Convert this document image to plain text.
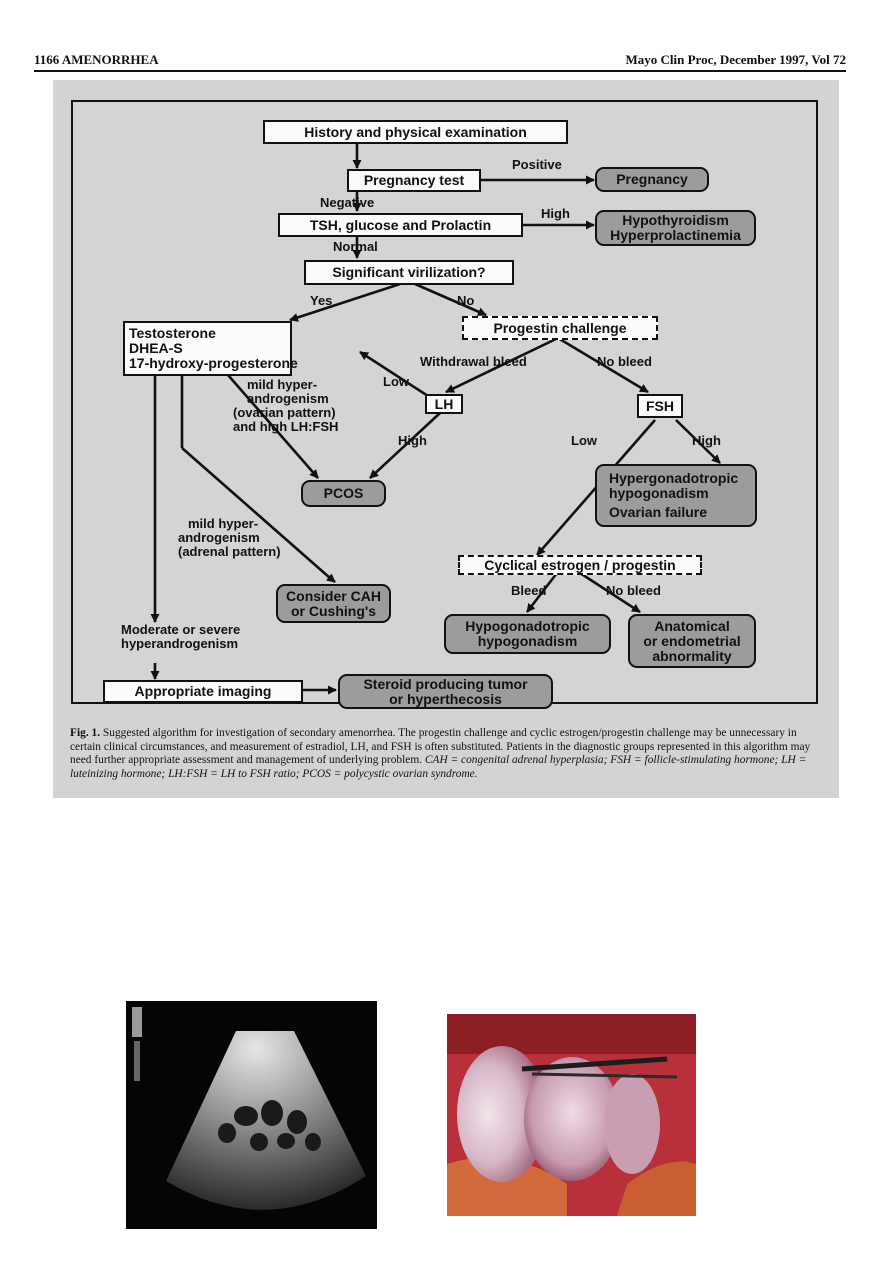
1166 AMENORRHEA	Mayo Clin Proc, December 1997, Vol 72
History and physical examination
Positive
Pregnancy test	Pregnancy
Negative
TSH, glucose and Prolactin
High	Hypothyroidism
Hyperprolactinemia
Normal
Significant virilization?
Yes	No
Testosterone
DHEA-S
17-hydroxy-progesterone
Progestin challenge
Withdrawal bleed	No bleed
Low
LH	FSH
mild hyper-
androgenism
(ovarian pattern)
and high LH:FSH
High	Low	High
Hypergonadotropic
hypogonadism
Ovarian failure
PCOS
mild hyper-
androgenism
(adrenal pattern)
Cyclical estrogen / progestin
Bleed	No bleed
Consider CAH
or Cushing's
Moderate or severe
hyperandrogenism
Hypogonadotropic
hypogonadism
Anatomical
or endometrial
abnormality
Appropriate imaging	Steroid producing tumor
or hyperthecosis
Fig. 1. Suggested algorithm for investigation of secondary amenorrhea. The progestin challenge and cyclic estrogen/progestin challenge may be unnecessary in certain clinical circumstances, and measurement of estradiol, LH, and FSH is often substituted. Patients in the diagnostic groups represented in this algorithm may need further appropriate assessment and management of underlying problem. CAH = congenital adrenal hyperplasia; FSH = follicle-stimulating hormone; LH = luteinizing hormone; LH:FSH = LH to FSH ratio; PCOS = polycystic ovarian syndrome.
